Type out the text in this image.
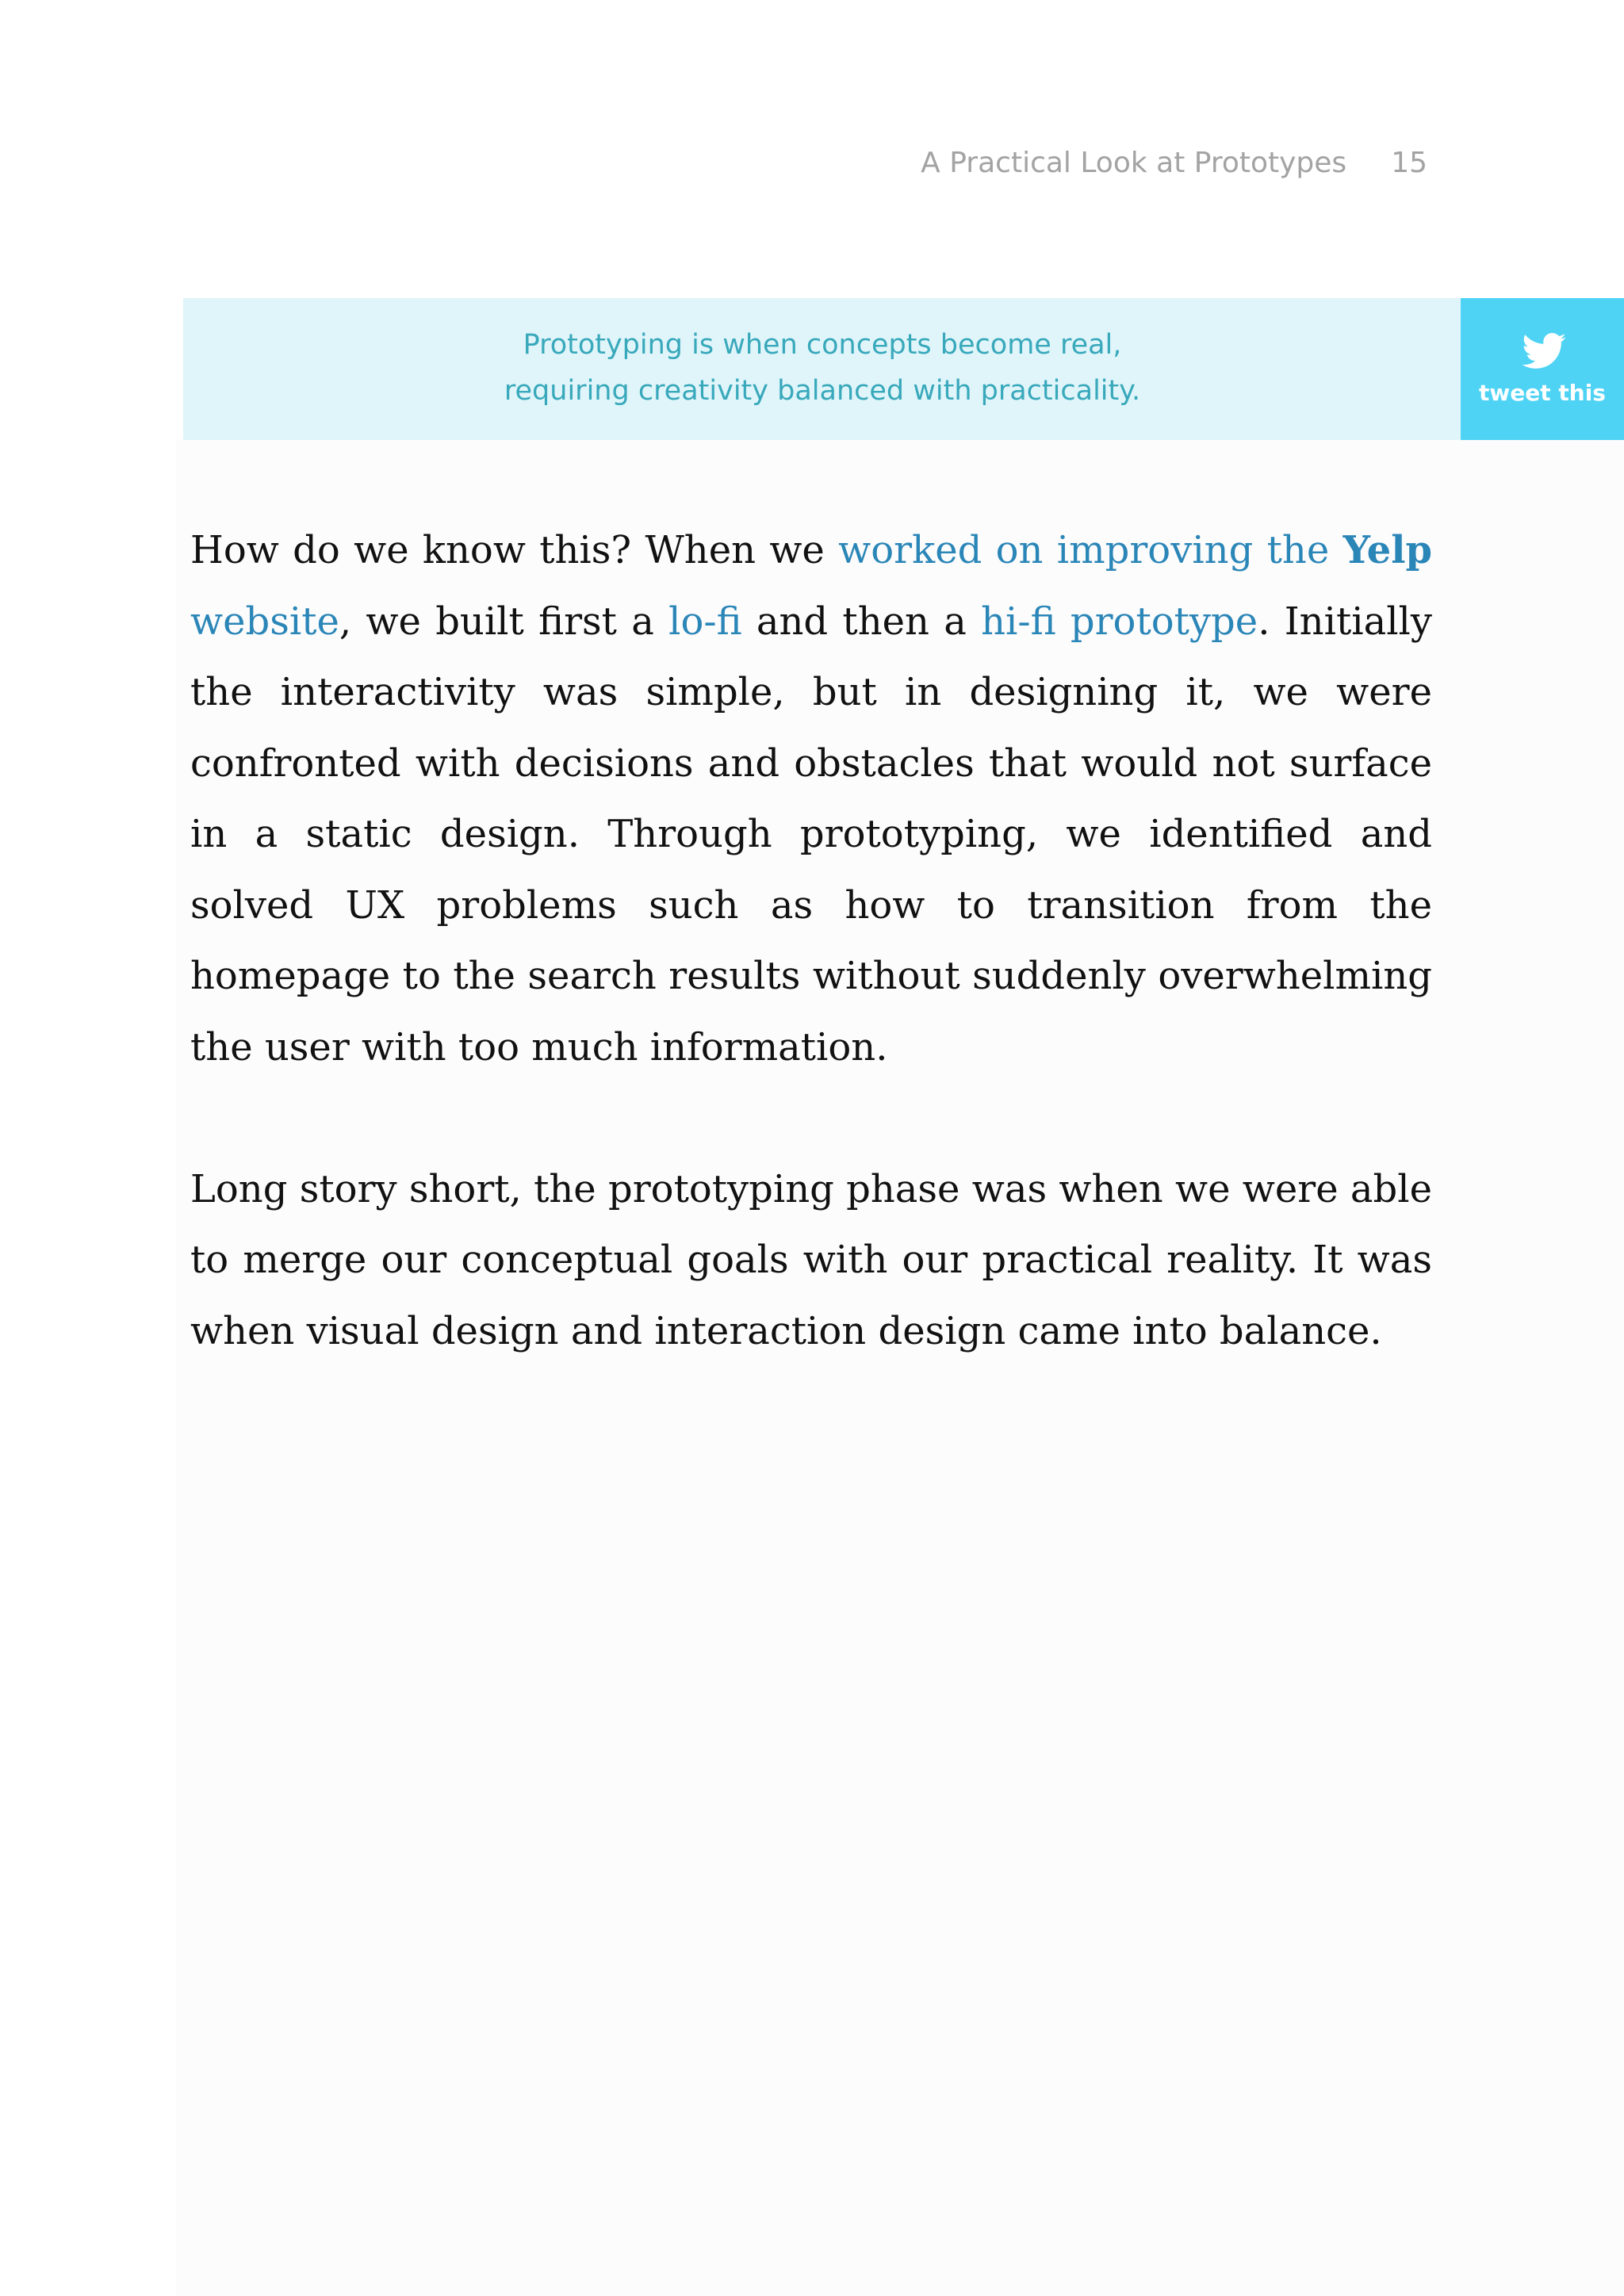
A Practical Look at Prototypes 15
Prototyping is when concepts become real,
requiring creativity balanced with practicality.	tweet this

How do we know this? When we worked on improving the Yelp website, we built first a lo-fi and then a hi-fi prototype. Initially the interactivity was simple, but in designing it, we were confronted with decisions and obstacles that would not surface in a static design. Through prototyping, we identified and solved UX problems such as how to transition from the homepage to the search results without suddenly overwhelming the user with too much information.

Long story short, the prototyping phase was when we were able to merge our conceptual goals with our practical reality. It was when visual design and interaction design came into balance.
